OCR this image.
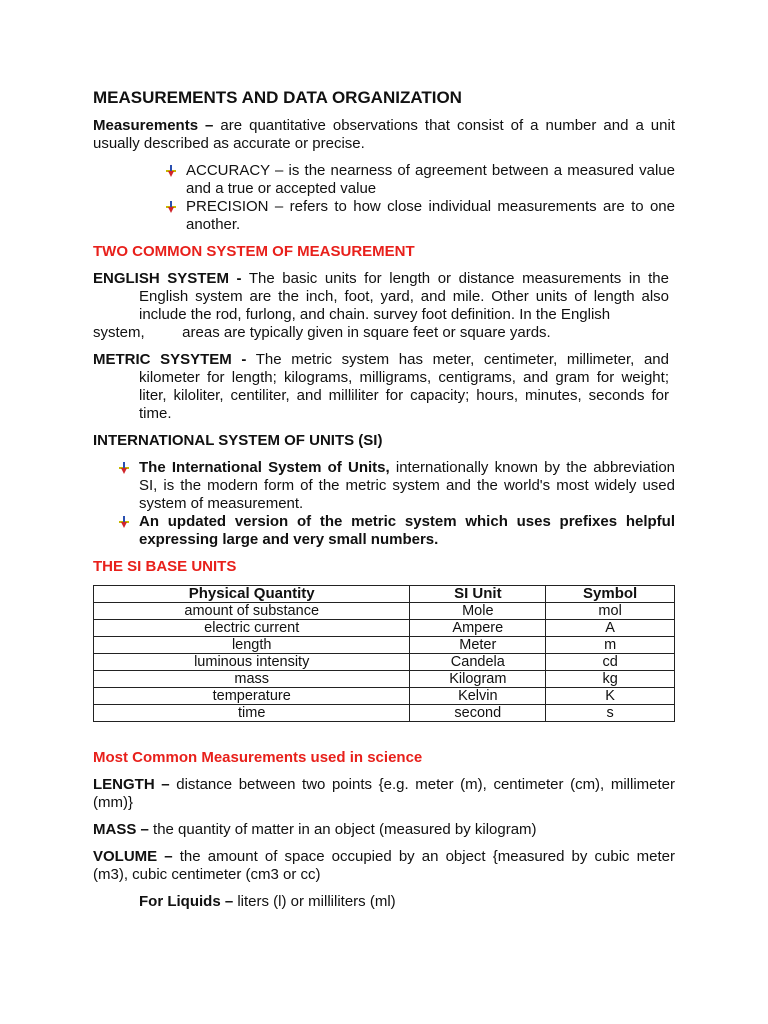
MEASUREMENTS AND DATA ORGANIZATION

Measurements – are quantitative observations that consist of a number and a unit usually described as accurate or precise.

ACCURACY – is the nearness of agreement between a measured value and a true or accepted value
PRECISION – refers to how close individual measurements are to one another.

TWO COMMON SYSTEM OF MEASUREMENT

ENGLISH SYSTEM - The basic units for length or distance measurements in the English system are the inch, foot, yard, and mile. Other units of length also include the rod, furlong, and chain. survey foot definition. In the English

system,         areas are typically given in square feet or square yards.

METRIC SYSYTEM - The metric system has meter, centimeter, millimeter, and kilometer for length; kilograms, milligrams, centigrams, and gram for weight; liter, kiloliter, centiliter, and milliliter for capacity; hours, minutes, seconds for time.

INTERNATIONAL SYSTEM OF UNITS (SI)

The International System of Units, internationally known by the abbreviation SI, is the modern form of the metric system and the world's most widely used system of measurement.
An updated version of the metric system which uses prefixes helpful expressing large and very small numbers.

THE SI BASE UNITS

Physical Quantity	SI Unit	Symbol
amount of substance	Mole	mol
electric current	Ampere	A
length	Meter	m
luminous intensity	Candela	cd
mass	Kilogram	kg
temperature	Kelvin	K
time	second	s

Most Common Measurements used in science

LENGTH – distance between two points {e.g. meter (m), centimeter (cm), millimeter (mm)}

MASS – the quantity of matter in an object (measured by kilogram)

VOLUME – the amount of space occupied by an object {measured by cubic meter (m3), cubic centimeter (cm3 or cc)

For Liquids – liters (l) or milliliters (ml)
